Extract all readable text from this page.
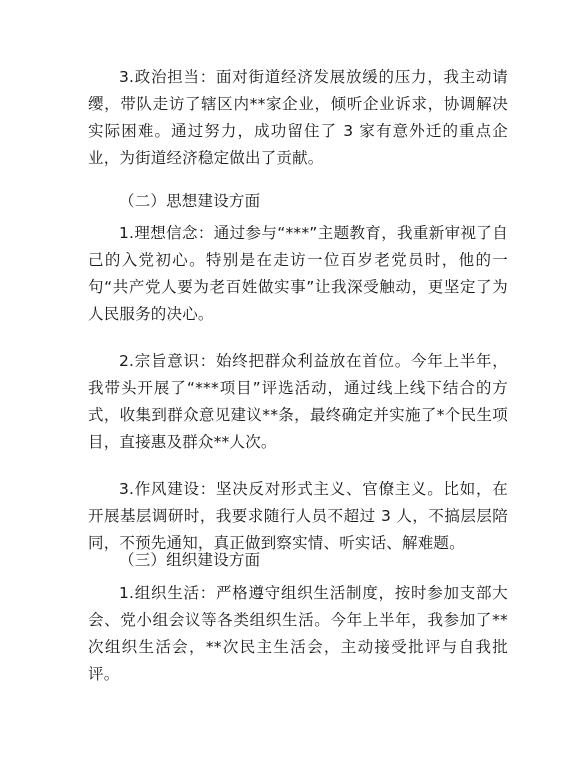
3.政治担当：面对街道经济发展放缓的压力，我主动请缨，带队走访了辖区内**家企业，倾听企业诉求，协调解决实际困难。通过努力，成功留住了 3 家有意外迁的重点企业，为街道经济稳定做出了贡献。

（二）思想建设方面

1.理想信念：通过参与“***”主题教育，我重新审视了自己的入党初心。特别是在走访一位百岁老党员时，他的一句“共产党人要为老百姓做实事”让我深受触动，更坚定了为人民服务的决心。

2.宗旨意识：始终把群众利益放在首位。今年上半年，我带头开展了“***项目”评选活动，通过线上线下结合的方式，收集到群众意见建议**条，最终确定并实施了*个民生项目，直接惠及群众**人次。

3.作风建设：坚决反对形式主义、官僚主义。比如，在开展基层调研时，我要求随行人员不超过 3 人，不搞层层陪同，不预先通知，真正做到察实情、听实话、解难题。

（三）组织建设方面

1.组织生活：严格遵守组织生活制度，按时参加支部大会、党小组会议等各类组织生活。今年上半年，我参加了**次组织生活会，**次民主生活会，主动接受批评与自我批评。
